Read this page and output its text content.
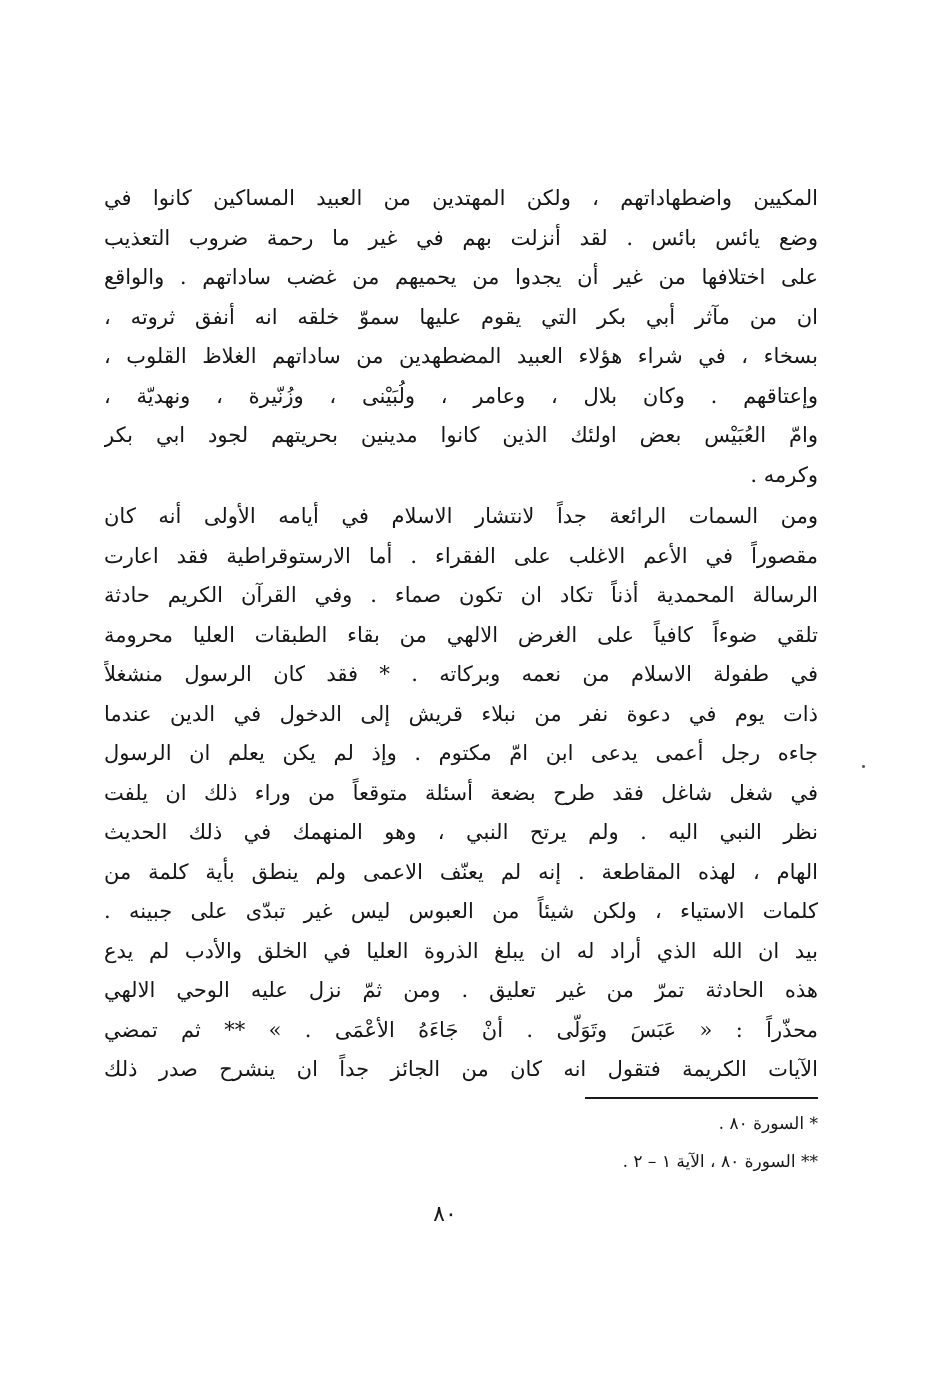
المكيين واضطهاداتهم ، ولكن المهتدين من العبيد المساكين كانوا في
وضع يائس بائس . لقد أنزلت بهم في غير ما رحمة ضروب التعذيب
على اختلافها من غير أن يجدوا من يحميهم من غضب ساداتهم . والواقع
ان من مآثر أبي بكر التي يقوم عليها سموّ خلقه انه أنفق ثروته ،
بسخاء ، في شراء هؤلاء العبيد المضطهدين من ساداتهم الغلاظ القلوب ،
وإعتاقهم . وكان بلال ، وعامر ، ولُبَيْنى ، وزُنّيرة ، ونهديّة ،
وامّ العُبَيْس بعض اولئك الذين كانوا مدينين بحريتهم لجود ابي بكر
وكرمه .
ومن السمات الرائعة جداً لانتشار الاسلام في أيامه الأولى أنه كان
مقصوراً في الأعم الاغلب على الفقراء . أما الارستوقراطية فقد اعارت
الرسالة المحمدية أذناً تكاد ان تكون صماء . وفي القرآن الكريم حادثة
تلقي ضوءاً كافياً على الغرض الالهي من بقاء الطبقات العليا محرومة
في طفولة الاسلام من نعمه وبركاته . * فقد كان الرسول منشغلاً
ذات يوم في دعوة نفر من نبلاء قريش إلى الدخول في الدين عندما
جاءه رجل أعمى يدعى ابن امّ مكتوم . وإذ لم يكن يعلم ان الرسول
في شغل شاغل فقد طرح بضعة أسئلة متوقعاً من وراء ذلك ان يلفت
نظر النبي اليه . ولم يرتح النبي ، وهو المنهمك في ذلك الحديث
الهام ، لهذه المقاطعة . إنه لم يعنّف الاعمى ولم ينطق بأية كلمة من
كلمات الاستياء ، ولكن شيئاً من العبوس ليس غير تبدّى على جبينه .
بيد ان الله الذي أراد له ان يبلغ الذروة العليا في الخلق والأدب لم يدع
هذه الحادثة تمرّ من غير تعليق . ومن ثمّ نزل عليه الوحي الالهي
محذّراً : « عَبَسَ وتَوَلّى . أنْ جَاءَهُ الأعْمَى . » ** ثم تمضي
الآيات الكريمة فتقول انه كان من الجائز جداً ان ينشرح صدر ذلك
* السورة ٨٠ .
** السورة ٨٠ ، الآية ١ – ٢ .
٨٠
